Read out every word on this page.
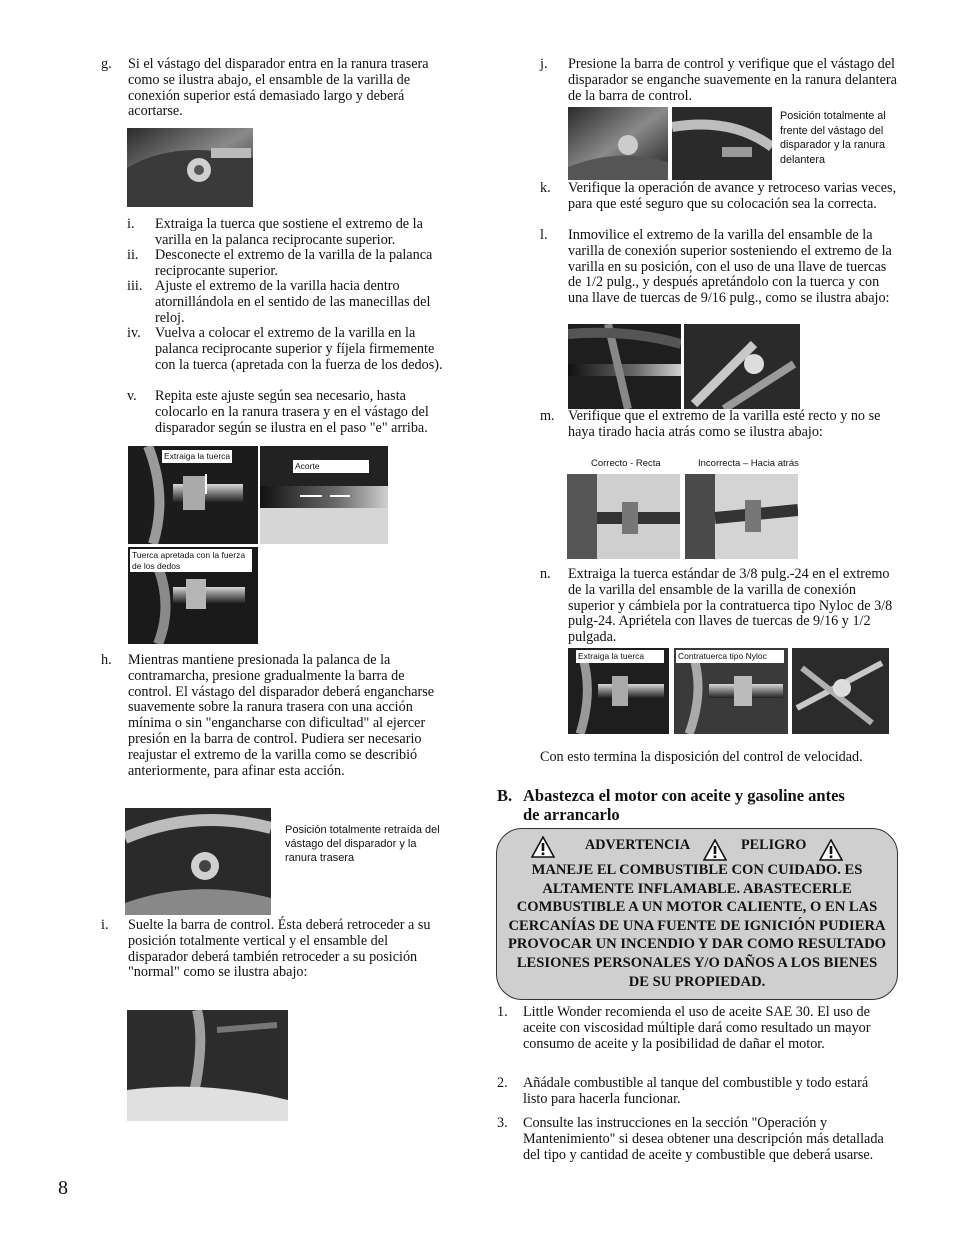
g. Si el vástago del disparador entra en la ranura trasera como se ilustra abajo, el ensamble de la varilla de conexión superior está demasiado largo y deberá acortarse.
i. Extraiga la tuerca que sostiene el extremo de la varilla en la palanca reciprocante superior.
ii. Desconecte el extremo de la varilla de la palanca reciprocante superior.
iii. Ajuste el extremo de la varilla hacia dentro atornillándola en el sentido de las manecillas del reloj.
iv. Vuelva a colocar el extremo de la varilla en la palanca reciprocante superior y fíjela firmemente con la tuerca (apretada con la fuerza de los dedos).
v. Repita este ajuste según sea necesario, hasta colocarlo en la ranura trasera y en el vástago del disparador según se ilustra en el paso "e" arriba.
Extraiga la tuerca
Acorte
Tuerca apretada con la fuerza de los dedos
h. Mientras mantiene presionada la palanca de la contramarcha, presione gradualmente la barra de control. El vástago del disparador deberá engancharse suavemente sobre la ranura trasera con una acción mínima o sin "engancharse con dificultad" al ejercer presión en la barra de control. Pudiera ser necesario reajustar el extremo de la varilla como se describió anteriormente, para afinar esta acción.
Posición totalmente retraída del vástago del disparador y la ranura trasera
i. Suelte la barra de control. Ésta deberá retroceder a su posición totalmente vertical y el ensamble del disparador deberá también retroceder a su posición "normal" como se ilustra abajo:
8
j. Presione la barra de control y verifique que el vástago del disparador se enganche suavemente en la ranura delantera de la barra de control.
Posición totalmente al frente del vástago del disparador y la ranura delantera
k. Verifique la operación de avance y retroceso varias veces, para que esté seguro que su colocación sea la correcta.
l. Inmovilice el extremo de la varilla del ensamble de la varilla de conexión superior sosteniendo el extremo de la varilla en su posición, con el uso de una llave de tuercas de 1/2 pulg., y después apretándolo con la tuerca y con una llave de tuercas de 9/16 pulg., como se ilustra abajo:
m. Verifique que el extremo de la varilla esté recto y no se haya tirado hacia atrás como se ilustra abajo:
Correcto - Recta	Incorrecta – Hacia atrás
n. Extraiga la tuerca estándar de 3/8 pulg.-24 en el extremo de la varilla del ensamble de la varilla de conexión superior y cámbiela por la contratuerca tipo Nyloc de 3/8 pulg-24. Apriétela con llaves de tuercas de 9/16 y 1/2 pulgada.
Extraiga la tuerca	Contratuerca tipo Nyloc
Con esto termina la disposición del control de velocidad.
B. Abastezca el motor con aceite y gasoline antes
de arrancarlo
ADVERTENCIA	PELIGRO
MANEJE EL COMBUSTIBLE CON CUIDADO. ES ALTAMENTE INFLAMABLE. ABASTECERLE COMBUSTIBLE A UN MOTOR CALIENTE, O EN LAS CERCANÍAS DE UNA FUENTE DE IGNICIÓN PUDIERA PROVOCAR UN INCENDIO Y DAR COMO RESULTADO LESIONES PERSONALES Y/O DAÑOS A LOS BIENES DE SU PROPIEDAD.
1. Little Wonder recomienda el uso de aceite SAE 30. El uso de aceite con viscosidad múltiple dará como resultado un mayor consumo de aceite y la posibilidad de dañar el motor.
2. Añádale combustible al tanque del combustible y todo estará listo para hacerla funcionar.
3. Consulte las instrucciones en la sección "Operación y Mantenimiento" si desea obtener una descripción más detallada del tipo y cantidad de aceite y combustible que deberá usarse.
